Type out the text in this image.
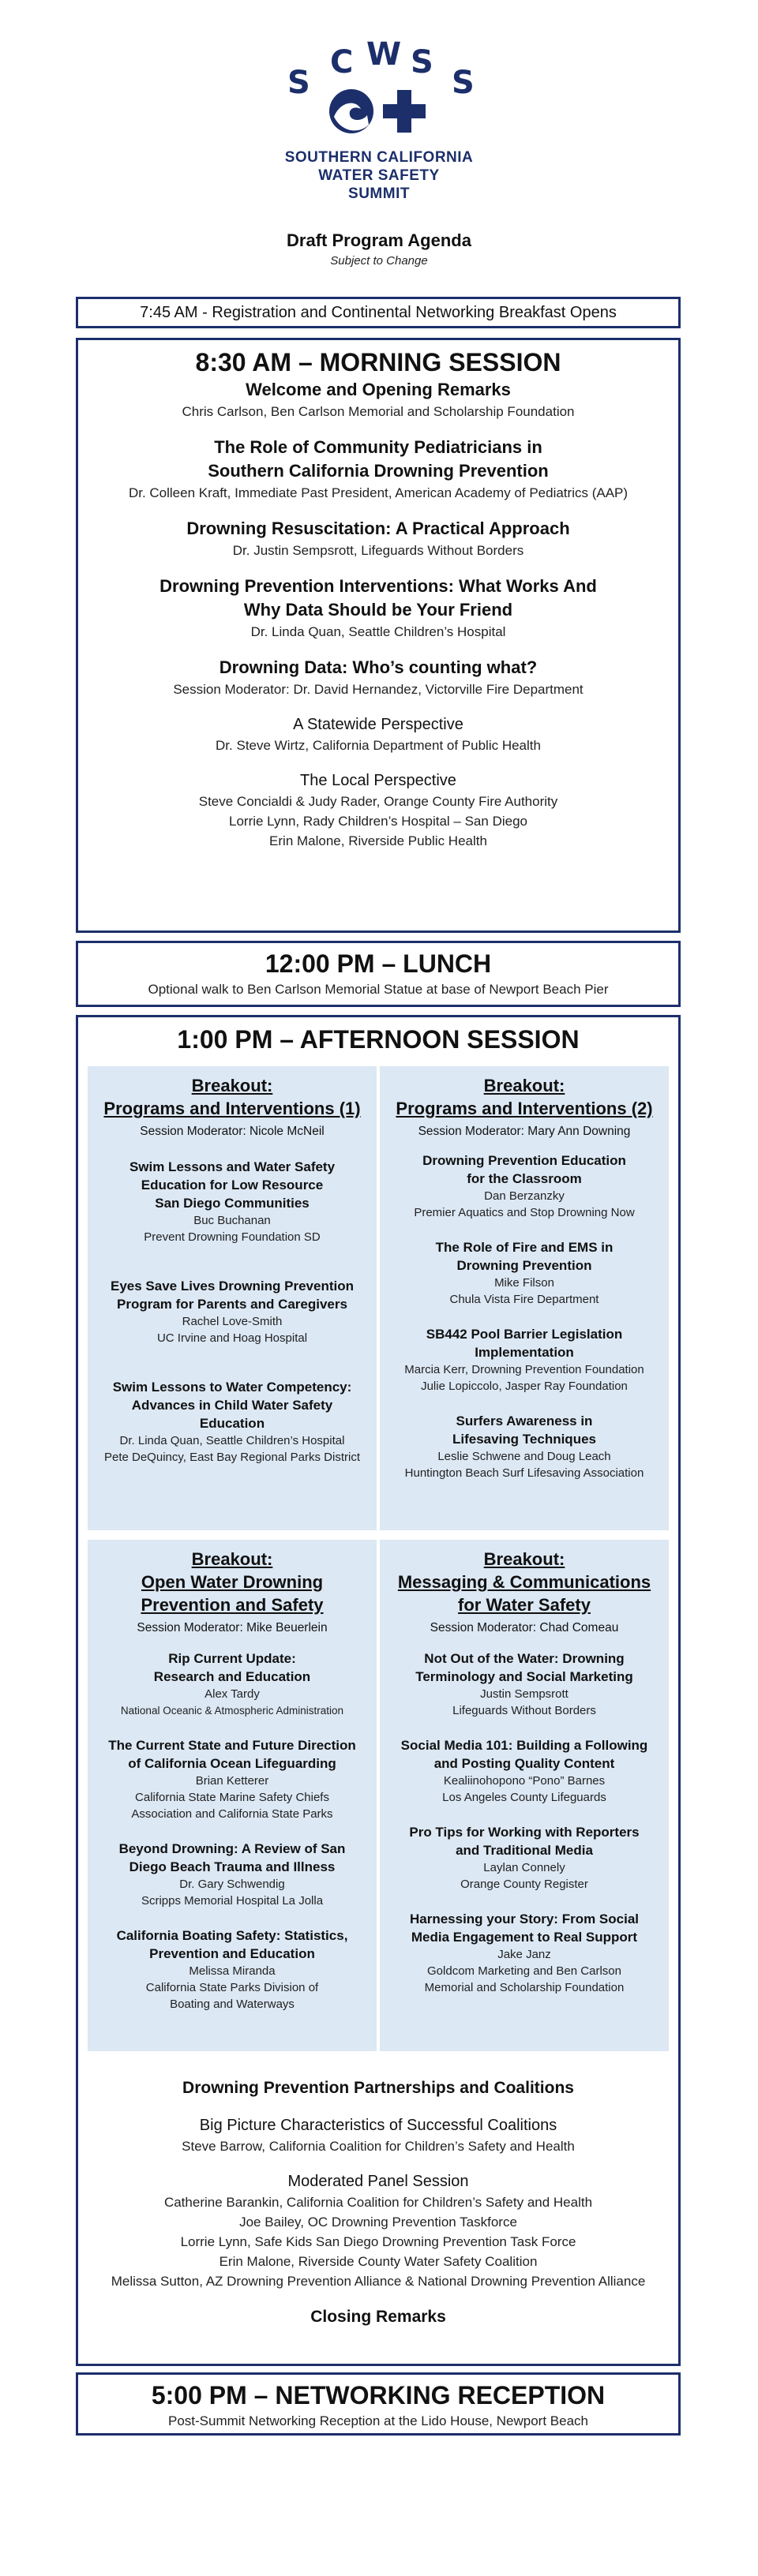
S
C W S
S
SOUTHERN CALIFORNIA
WATER SAFETY
SUMMIT
Draft Program Agenda
Subject to Change
7:45 AM - Registration and Continental Networking Breakfast Opens
8:30 AM – MORNING SESSION
Welcome and Opening Remarks
Chris Carlson, Ben Carlson Memorial and Scholarship Foundation
The Role of Community Pediatricians in
Southern California Drowning Prevention
Dr. Colleen Kraft, Immediate Past President, American Academy of Pediatrics (AAP)
Drowning Resuscitation: A Practical Approach
Dr. Justin Sempsrott, Lifeguards Without Borders
Drowning Prevention Interventions: What Works And
Why Data Should be Your Friend
Dr. Linda Quan, Seattle Children’s Hospital
Drowning Data: Who’s counting what?
Session Moderator: Dr. David Hernandez, Victorville Fire Department
A Statewide Perspective
Dr. Steve Wirtz, California Department of Public Health
The Local Perspective
Steve Concialdi & Judy Rader, Orange County Fire Authority
Lorrie Lynn, Rady Children’s Hospital – San Diego
Erin Malone, Riverside Public Health
12:00 PM – LUNCH
Optional walk to Ben Carlson Memorial Statue at base of Newport Beach Pier
1:00 PM – AFTERNOON SESSION
Breakout:
Programs and Interventions (1)
Session Moderator: Nicole McNeil
Swim Lessons and Water Safety
Education for Low Resource
San Diego Communities
Buc Buchanan
Prevent Drowning Foundation SD
Eyes Save Lives Drowning Prevention
Program for Parents and Caregivers
Rachel Love-Smith
UC Irvine and Hoag Hospital
Swim Lessons to Water Competency:
Advances in Child Water Safety
Education
Dr. Linda Quan, Seattle Children’s Hospital
Pete DeQuincy, East Bay Regional Parks District
Breakout:
Programs and Interventions (2)
Session Moderator: Mary Ann Downing
Drowning Prevention Education
for the Classroom
Dan Berzanzky
Premier Aquatics and Stop Drowning Now
The Role of Fire and EMS in
Drowning Prevention
Mike Filson
Chula Vista Fire Department
SB442 Pool Barrier Legislation
Implementation
Marcia Kerr, Drowning Prevention Foundation
Julie Lopiccolo, Jasper Ray Foundation
Surfers Awareness in
Lifesaving Techniques
Leslie Schwene and Doug Leach
Huntington Beach Surf Lifesaving Association
Breakout:
Open Water Drowning
Prevention and Safety
Session Moderator: Mike Beuerlein
Rip Current Update:
Research and Education
Alex Tardy
National Oceanic & Atmospheric Administration
The Current State and Future Direction
of California Ocean Lifeguarding
Brian Ketterer
California State Marine Safety Chiefs
Association and California State Parks
Beyond Drowning: A Review of San
Diego Beach Trauma and Illness
Dr. Gary Schwendig
Scripps Memorial Hospital La Jolla
California Boating Safety: Statistics,
Prevention and Education
Melissa Miranda
California State Parks Division of
Boating and Waterways
Breakout:
Messaging & Communications
for Water Safety
Session Moderator: Chad Comeau
Not Out of the Water: Drowning
Terminology and Social Marketing
Justin Sempsrott
Lifeguards Without Borders
Social Media 101: Building a Following
and Posting Quality Content
Kealiinohopono “Pono” Barnes
Los Angeles County Lifeguards
Pro Tips for Working with Reporters
and Traditional Media
Laylan Connely
Orange County Register
Harnessing your Story: From Social
Media Engagement to Real Support
Jake Janz
Goldcom Marketing and Ben Carlson
Memorial and Scholarship Foundation
Drowning Prevention Partnerships and Coalitions
Big Picture Characteristics of Successful Coalitions
Steve Barrow, California Coalition for Children’s Safety and Health
Moderated Panel Session
Catherine Barankin, California Coalition for Children’s Safety and Health
Joe Bailey, OC Drowning Prevention Taskforce
Lorrie Lynn, Safe Kids San Diego Drowning Prevention Task Force
Erin Malone, Riverside County Water Safety Coalition
Melissa Sutton, AZ Drowning Prevention Alliance & National Drowning Prevention Alliance
Closing Remarks
5:00 PM – NETWORKING RECEPTION
Post-Summit Networking Reception at the Lido House, Newport Beach
